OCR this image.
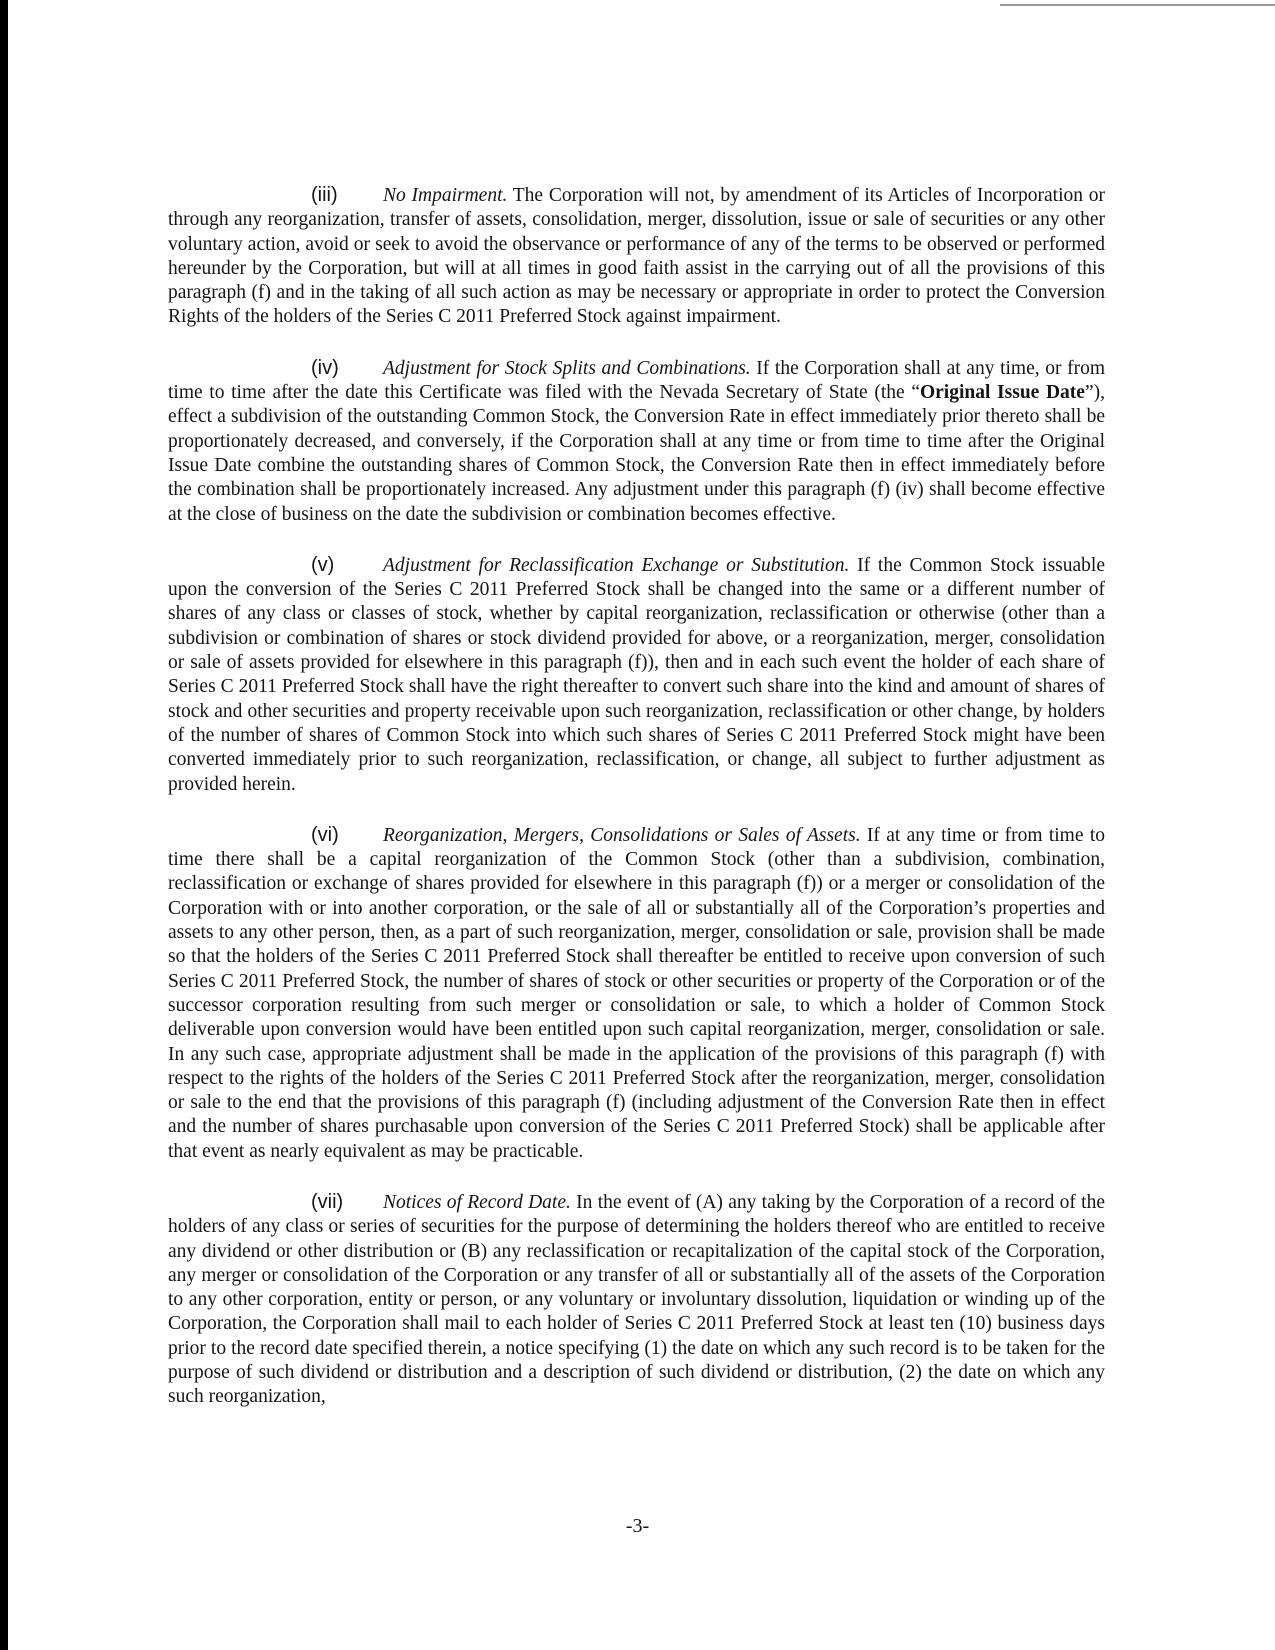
(iii) No Impairment. The Corporation will not, by amendment of its Articles of Incorporation or through any reorganization, transfer of assets, consolidation, merger, dissolution, issue or sale of securities or any other voluntary action, avoid or seek to avoid the observance or performance of any of the terms to be observed or performed hereunder by the Corporation, but will at all times in good faith assist in the carrying out of all the provisions of this paragraph (f) and in the taking of all such action as may be necessary or appropriate in order to protect the Conversion Rights of the holders of the Series C 2011 Preferred Stock against impairment.

(iv) Adjustment for Stock Splits and Combinations. If the Corporation shall at any time, or from time to time after the date this Certificate was filed with the Nevada Secretary of State (the “Original Issue Date”), effect a subdivision of the outstanding Common Stock, the Conversion Rate in effect immediately prior thereto shall be proportionately decreased, and conversely, if the Corporation shall at any time or from time to time after the Original Issue Date combine the outstanding shares of Common Stock, the Conversion Rate then in effect immediately before the combination shall be proportionately increased. Any adjustment under this paragraph (f) (iv) shall become effective at the close of business on the date the subdivision or combination becomes effective.

(v) Adjustment for Reclassification Exchange or Substitution. If the Common Stock issuable upon the conversion of the Series C 2011 Preferred Stock shall be changed into the same or a different number of shares of any class or classes of stock, whether by capital reorganization, reclassification or otherwise (other than a subdivision or combination of shares or stock dividend provided for above, or a reorganization, merger, consolidation or sale of assets provided for elsewhere in this paragraph (f)), then and in each such event the holder of each share of Series C 2011 Preferred Stock shall have the right thereafter to convert such share into the kind and amount of shares of stock and other securities and property receivable upon such reorganization, reclassification or other change, by holders of the number of shares of Common Stock into which such shares of Series C 2011 Preferred Stock might have been converted immediately prior to such reorganization, reclassification, or change, all subject to further adjustment as provided herein.

(vi) Reorganization, Mergers, Consolidations or Sales of Assets. If at any time or from time to time there shall be a capital reorganization of the Common Stock (other than a subdivision, combination, reclassification or exchange of shares provided for elsewhere in this paragraph (f)) or a merger or consolidation of the Corporation with or into another corporation, or the sale of all or substantially all of the Corporation’s properties and assets to any other person, then, as a part of such reorganization, merger, consolidation or sale, provision shall be made so that the holders of the Series C 2011 Preferred Stock shall thereafter be entitled to receive upon conversion of such Series C 2011 Preferred Stock, the number of shares of stock or other securities or property of the Corporation or of the successor corporation resulting from such merger or consolidation or sale, to which a holder of Common Stock deliverable upon conversion would have been entitled upon such capital reorganization, merger, consolidation or sale. In any such case, appropriate adjustment shall be made in the application of the provisions of this paragraph (f) with respect to the rights of the holders of the Series C 2011 Preferred Stock after the reorganization, merger, consolidation or sale to the end that the provisions of this paragraph (f) (including adjustment of the Conversion Rate then in effect and the number of shares purchasable upon conversion of the Series C 2011 Preferred Stock) shall be applicable after that event as nearly equivalent as may be practicable.

(vii) Notices of Record Date. In the event of (A) any taking by the Corporation of a record of the holders of any class or series of securities for the purpose of determining the holders thereof who are entitled to receive any dividend or other distribution or (B) any reclassification or recapitalization of the capital stock of the Corporation, any merger or consolidation of the Corporation or any transfer of all or substantially all of the assets of the Corporation to any other corporation, entity or person, or any voluntary or involuntary dissolution, liquidation or winding up of the Corporation, the Corporation shall mail to each holder of Series C 2011 Preferred Stock at least ten (10) business days prior to the record date specified therein, a notice specifying (1) the date on which any such record is to be taken for the purpose of such dividend or distribution and a description of such dividend or distribution, (2) the date on which any such reorganization,

-3-
